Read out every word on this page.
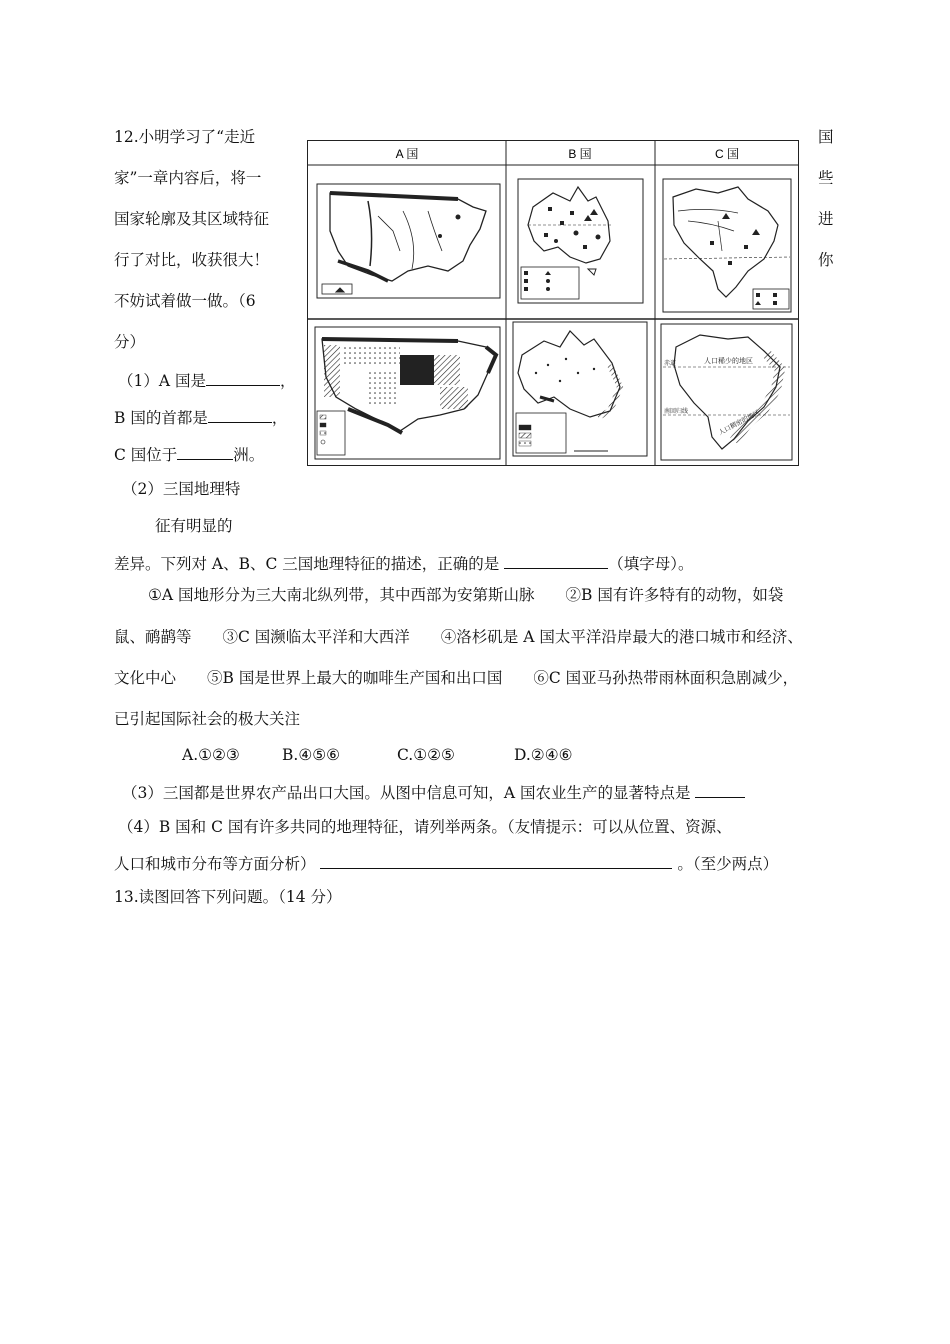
12.小明学习了“走近
家”一章内容后，将一
国家轮廓及其区域特征
行了对比，收获很大！
不妨试着做一做。（6
分）
国
些
进
你
（1）A 国是	，
B 国的首都是	，
C 国位于	洲。
（2）三国地理特
征有明显的
差异。下列对 A、B、C 三国地理特征的描述，正确的是	（填字母）。
①A 国地形分为三大南北纵列带，其中西部为安第斯山脉　　②B 国有许多特有的动物，如袋
鼠、鸸鹋等　　③C 国濒临太平洋和大西洋　　④洛杉矶是 A 国太平洋沿岸最大的港口城市和经济、
文化中心　　⑤B 国是世界上最大的咖啡生产国和出口国　　⑥C 国亚马孙热带雨林面积急剧减少，
已引起国际社会的极大关注
A.①②③	B.④⑤⑥	C.①②⑤	D.②④⑥
（3）三国都是世界农产品出口大国。从图中信息可知，A 国农业生产的显著特点是
（4）B 国和 C 国有许多共同的地理特征，请列举两条。（友情提示：可以从位置、资源、
人口和城市分布等方面分析）	。（至少两点）
13.读图回答下列问题。（14 分）
A 国	B 国	C 国
人口稀少的地区
人口稠密的地区
赤道
南回归线
